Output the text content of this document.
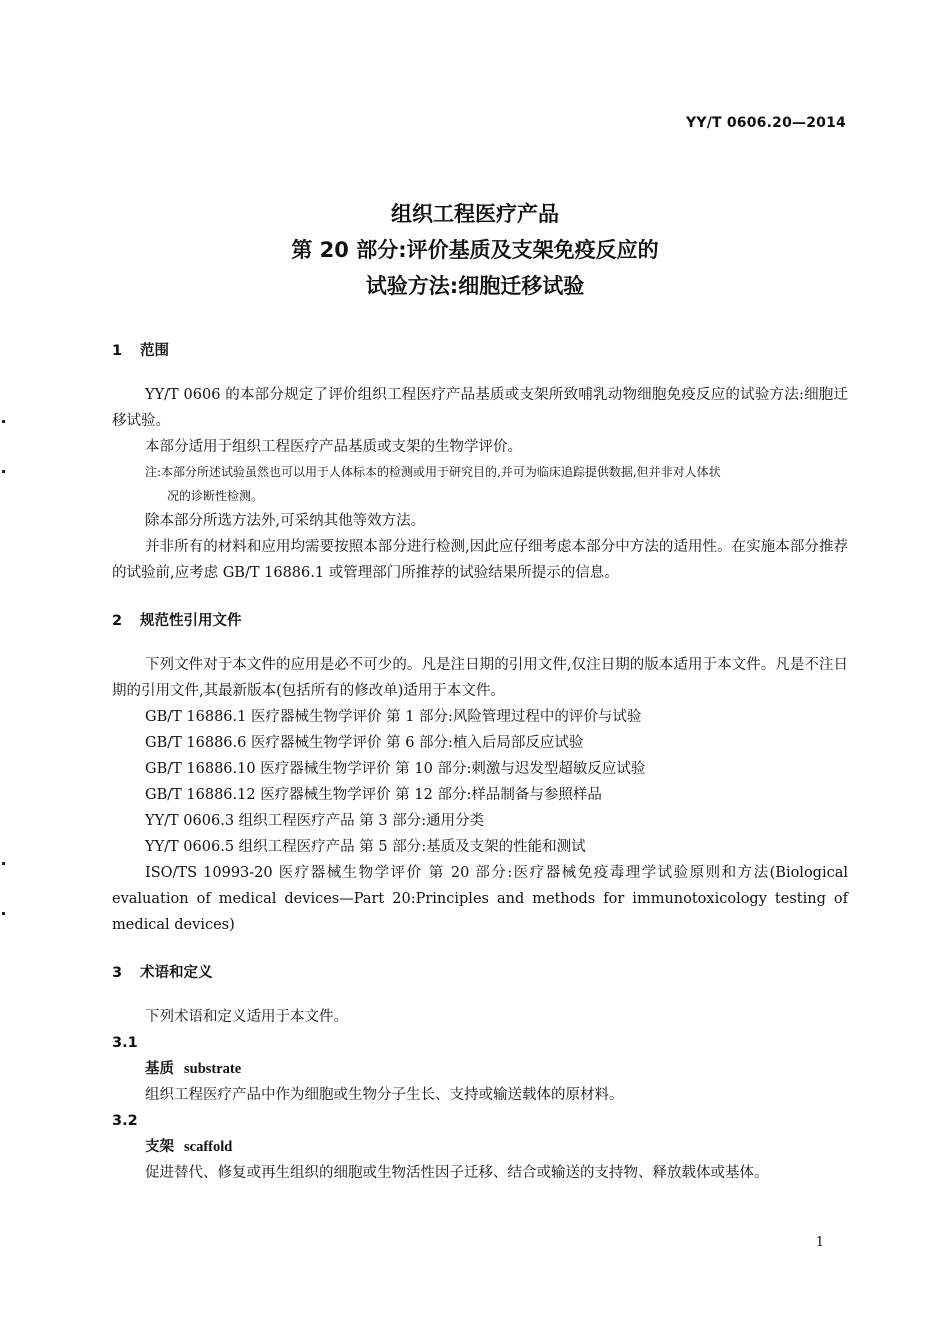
YY/T 0606.20—2014
组织工程医疗产品
第 20 部分:评价基质及支架免疫反应的
试验方法:细胞迁移试验

1 范围

YY/T 0606 的本部分规定了评价组织工程医疗产品基质或支架所致哺乳动物细胞免疫反应的试验方法:细胞迁移试验。

本部分适用于组织工程医疗产品基质或支架的生物学评价。

注:本部分所述试验虽然也可以用于人体标本的检测或用于研究目的,并可为临床追踪提供数据,但并非对人体状
况的诊断性检测。

除本部分所选方法外,可采纳其他等效方法。

并非所有的材料和应用均需要按照本部分进行检测,因此应仔细考虑本部分中方法的适用性。在实施本部分推荐的试验前,应考虑 GB/T 16886.1 或管理部门所推荐的试验结果所提示的信息。

2 规范性引用文件

下列文件对于本文件的应用是必不可少的。凡是注日期的引用文件,仅注日期的版本适用于本文件。凡是不注日期的引用文件,其最新版本(包括所有的修改单)适用于本文件。

GB/T 16886.1 医疗器械生物学评价 第 1 部分:风险管理过程中的评价与试验

GB/T 16886.6 医疗器械生物学评价 第 6 部分:植入后局部反应试验

GB/T 16886.10 医疗器械生物学评价 第 10 部分:刺激与迟发型超敏反应试验

GB/T 16886.12 医疗器械生物学评价 第 12 部分:样品制备与参照样品

YY/T 0606.3 组织工程医疗产品 第 3 部分:通用分类

YY/T 0606.5 组织工程医疗产品 第 5 部分:基质及支架的性能和测试

ISO/TS 10993-20 医疗器械生物学评价 第 20 部分:医疗器械免疫毒理学试验原则和方法(Biological evaluation of medical devices—Part 20:Principles and methods for immunotoxicology testing of medical devices)

3 术语和定义

下列术语和定义适用于本文件。

3.1

基质 substrate

组织工程医疗产品中作为细胞或生物分子生长、支持或输送载体的原材料。

3.2

支架 scaffold

促进替代、修复或再生组织的细胞或生物活性因子迁移、结合或输送的支持物、释放载体或基体。

1
